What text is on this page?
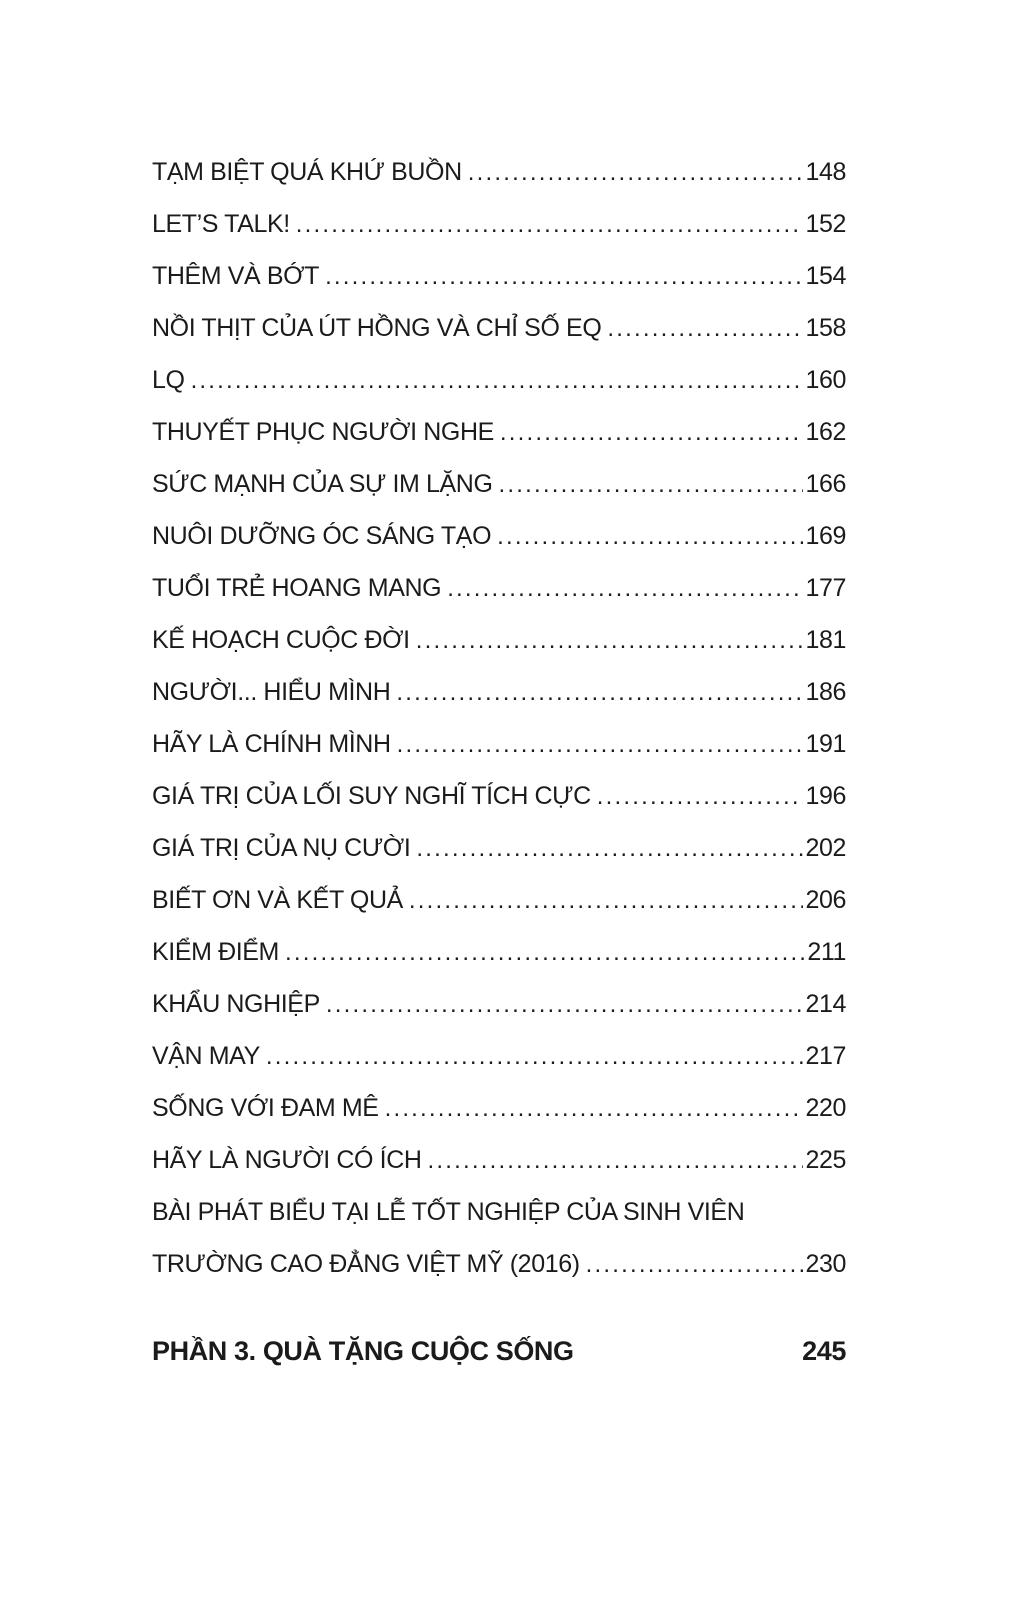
TẠM BIỆT QUÁ KHỨ BUỒN .....	148
LET’S TALK! .....	152
THÊM VÀ BỚT .....	154
NỒI THỊT CỦA ÚT HỒNG VÀ CHỈ SỐ EQ .....	158
LQ .....	160
THUYẾT PHỤC NGƯỜI NGHE .....	162
SỨC MẠNH CỦA SỰ IM LẶNG .....	166
NUÔI DƯỠNG ÓC SÁNG TẠO .....	169
TUỔI TRẺ HOANG MANG .....	177
KẾ HOẠCH CUỘC ĐỜI .....	181
NGƯỜI... HIỂU MÌNH .....	186
HÃY LÀ CHÍNH MÌNH .....	191
GIÁ TRỊ CỦA LỐI SUY NGHĨ TÍCH CỰC .....	196
GIÁ TRỊ CỦA NỤ CƯỜI .....	202
BIẾT ƠN VÀ KẾT QUẢ .....	206
KIỂM ĐIỂM .....	211
KHẨU NGHIỆP .....	214
VẬN MAY .....	217
SỐNG VỚI ĐAM MÊ .....	220
HÃY LÀ NGƯỜI CÓ ÍCH .....	225
BÀI PHÁT BIỂU TẠI LỄ TỐT NGHIỆP CỦA SINH VIÊN
TRƯỜNG CAO ĐẲNG VIỆT MỸ (2016) .....	230
PHẦN 3. QUÀ TẶNG CUỘC SỐNG	245
